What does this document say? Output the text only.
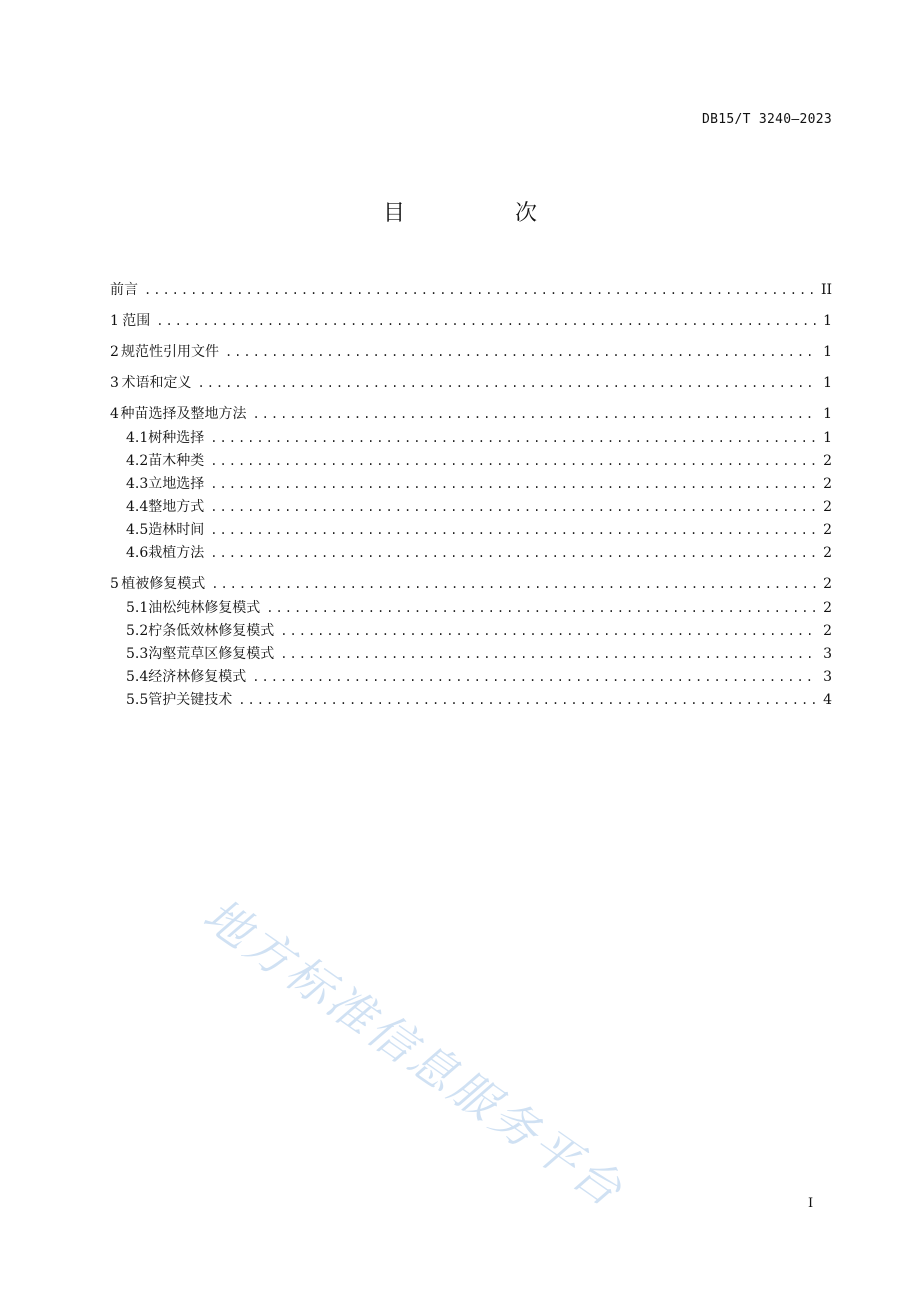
DB15/T 3240—2023
目　次
前言 .....	II
1 范围 .....	1
2 规范性引用文件 .....	1
3 术语和定义 .....	1
4 种苗选择及整地方法 .....	1
4.1 树种选择 .....	1
4.2 苗木种类 .....	2
4.3 立地选择 .....	2
4.4 整地方式 .....	2
4.5 造林时间 .....	2
4.6 栽植方法 .....	2
5 植被修复模式 .....	2
5.1 油松纯林修复模式 .....	2
5.2 柠条低效林修复模式 .....	2
5.3 沟壑荒草区修复模式 .....	3
5.4 经济林修复模式 .....	3
5.5 管护关键技术 .....	4
地方标准信息服务平台	I
